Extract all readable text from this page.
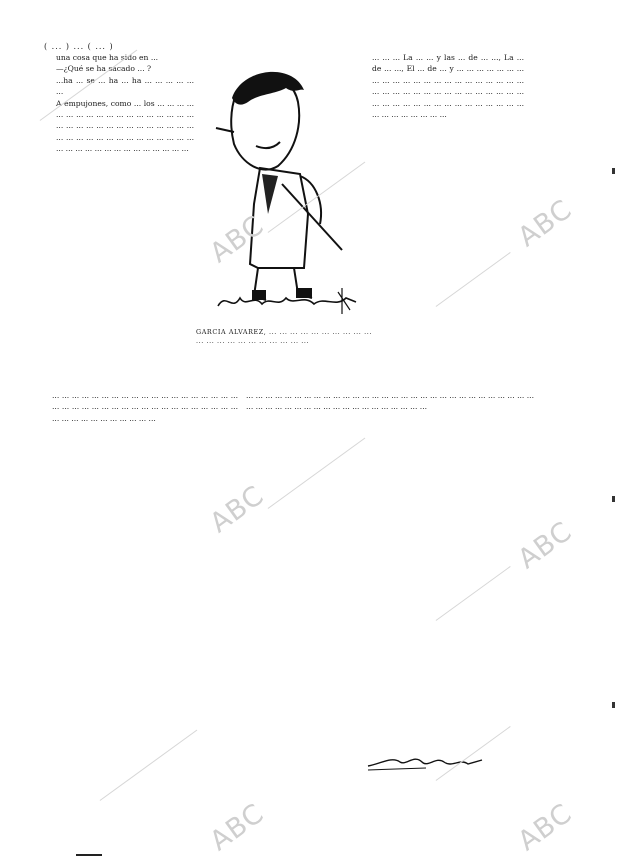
( ... ) ... ( ... )
una cosa que ha sido en ...
—¿Qué se ha sacado ... ?
...ha ... se ... ha ... ha ... ... ... ... ... ...
A empujones, como ... los ... ... ... ... ... ... ... ... ... ... ... ... ... ... ... ... ... ... ... ... ... ... ... ... ... ... ... ... ... ... ... ... ... ... ... ... ... ... ... ... ... ... ... ... ... ... ... ... ... ... ... ... ... ... ... ... ... ... ... ...
GARCIA ALVAREZ, ... ... ... ... ... ... ... ... ... ... ... ... ... ... ... ... ... ... ... ... ...
... ... ... La ... ... y las ... de ... ..., La ... de ... ..., El ... de ... y ... ... ... ... ... ... ... ... ... ... ... ... ... ... ... ... ... ... ... ... ... ... ... ... ... ... ... ... ... ... ... ... ... ... ... ... ... ... ... ... ... ... ... ... ... ... ... ... ... ... ... ... ... ... ... ... ... ... ... ...
... ... ... ... ... ... ... ... ... ... ... ... ... ... ... ... ... ... ... ... ... ... ... ... ... ... ... ... ... ... ... ... ... ... ... ... ... ... ... ... ... ... ... ... ... ... ... ... ...
... ... ... ... ... ... ... ... ... ... ... ... ... ... ... ... ... ... ... ... ... ... ... ... ... ... ... ... ... ... ... ... ... ... ... ... ... ... ... ... ... ... ... ... ... ... ... ... ...
ABC	ABC
ABC
ABC
ABC	ABC
